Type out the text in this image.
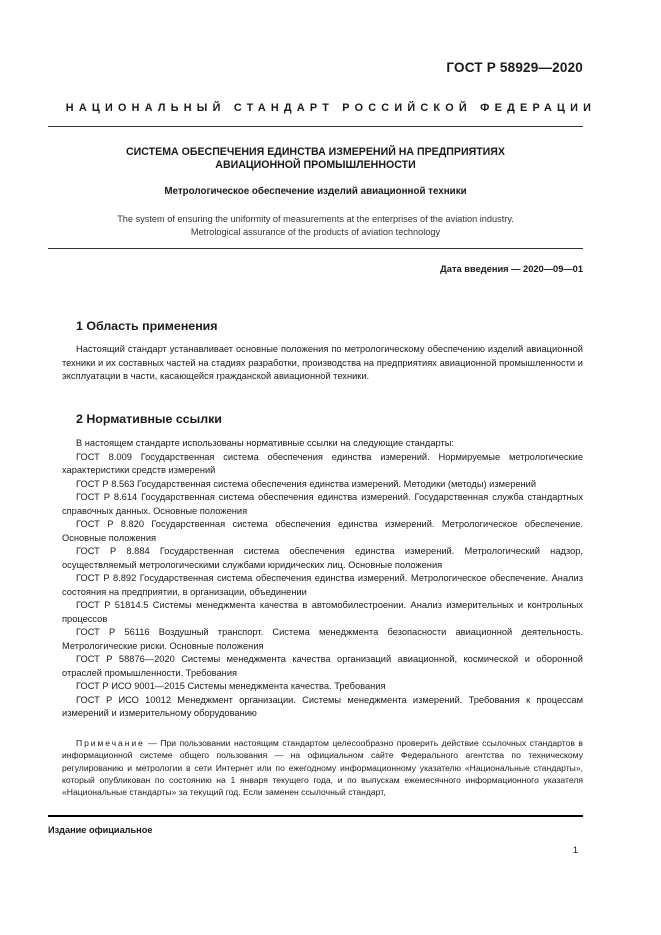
ГОСТ Р 58929—2020
НАЦИОНАЛЬНЫЙ СТАНДАРТ РОССИЙСКОЙ ФЕДЕРАЦИИ
СИСТЕМА ОБЕСПЕЧЕНИЯ ЕДИНСТВА ИЗМЕРЕНИЙ НА ПРЕДПРИЯТИЯХ
АВИАЦИОННОЙ ПРОМЫШЛЕННОСТИ
Метрологическое обеспечение изделий авиационной техники
The system of ensuring the uniformity of measurements at the enterprises of the aviation industry.
Metrological assurance of the products of aviation technology
Дата введения — 2020—09—01
1 Область применения

Настоящий стандарт устанавливает основные положения по метрологическому обеспечению изделий авиационной техники и их составных частей на стадиях разработки, производства на предприятиях авиационной промышленности и эксплуатации в части, касающейся гражданской авиационной техники.

2 Нормативные ссылки

В настоящем стандарте использованы нормативные ссылки на следующие стандарты:

ГОСТ 8.009 Государственная система обеспечения единства измерений. Нормируемые метрологические характеристики средств измерений

ГОСТ Р 8.563 Государственная система обеспечения единства измерений. Методики (методы) измерений

ГОСТ Р 8.614 Государственная система обеспечения единства измерений. Государственная служба стандартных справочных данных. Основные положения

ГОСТ Р 8.820 Государственная система обеспечения единства измерений. Метрологическое обеспечение. Основные положения

ГОСТ Р 8.884 Государственная система обеспечения единства измерений. Метрологический надзор, осуществляемый метрологическими службами юридических лиц. Основные положения

ГОСТ Р 8.892 Государственная система обеспечения единства измерений. Метрологическое обеспечение. Анализ состояния на предприятии, в организации, объединении

ГОСТ Р 51814.5 Системы менеджмента качества в автомобилестроении. Анализ измерительных и контрольных процессов

ГОСТ Р 56116 Воздушный транспорт. Система менеджмента безопасности авиационной деятельность. Метрологические риски. Основные положения

ГОСТ Р 58876—2020 Системы менеджмента качества организаций авиационной, космической и оборонной отраслей промышленности. Требования

ГОСТ Р ИСО 9001—2015 Системы менеджмента качества. Требования

ГОСТ Р ИСО 10012 Менеджмент организации. Системы менеджмента измерений. Требования к процессам измерений и измерительному оборудованию

Примечание — При пользовании настоящим стандартом целесообразно проверить действие ссылочных стандартов в информационной системе общего пользования — на официальном сайте Федерального агентства по техническому регулированию и метрологии в сети Интернет или по ежегодному информационному указателю «Национальные стандарты», который опубликован по состоянию на 1 января текущего года, и по выпускам ежемесячного информационного указателя «Национальные стандарты» за текущий год. Если заменен ссылочный стандарт,

Издание официальное
1
